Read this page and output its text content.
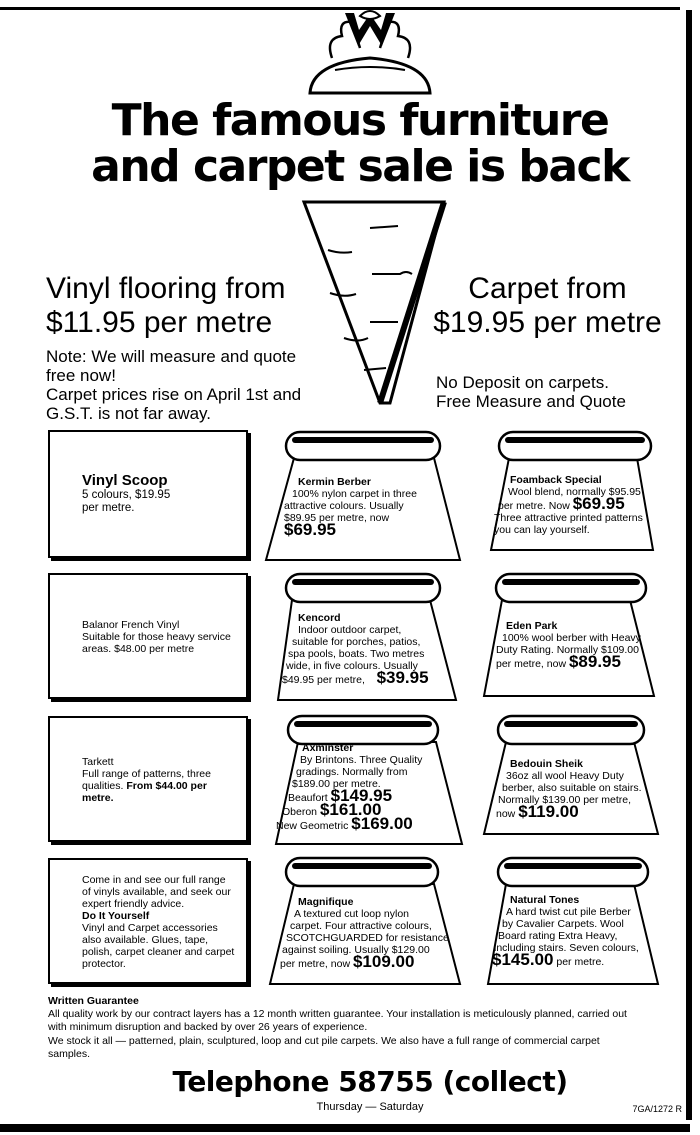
The famous furniture
and carpet sale is back
Vinyl flooring from
$11.95 per metre
Note: We will measure and quote
free now!
Carpet prices rise on April 1st and
G.S.T. is not far away.
Carpet from
$19.95 per metre
No Deposit on carpets.
Free Measure and Quote
Vinyl Scoop
5 colours, $19.95
per metre.
Balanor French Vinyl
Suitable for those heavy service
areas. $48.00 per metre
Tarkett
Full range of patterns, three
qualities. From $44.00 per
metre.
Come in and see our full range
of vinyls available, and seek our
expert friendly advice.
Do It Yourself
Vinyl and Carpet accessories
also available. Glues, tape,
polish, carpet cleaner and carpet
protector.
Kermin Berber
100% nylon carpet in three
attractive colours. Usually
$89.95 per metre, now
$69.95
Foamback Special
Wool blend, normally $95.95
per metre. Now $69.95
Three attractive printed patterns
you can lay yourself.
Kencord
Indoor outdoor carpet,
suitable for porches, patios,
spa pools, boats. Two metres
wide, in five colours. Usually
$49.95 per metre, $39.95
Eden Park
100% wool berber with Heavy
Duty Rating. Normally $109.00
per metre, now $89.95
Axminster
By Brintons. Three Quality
gradings. Normally from
$189.00 per metre.
Beaufort $149.95
Oberon $161.00
New Geometric $169.00
Bedouin Sheik
36oz all wool Heavy Duty
berber, also suitable on stairs.
Normally $139.00 per metre,
now $119.00
Magnifique
A textured cut loop nylon
carpet. Four attractive colours,
SCOTCHGUARDED for resistance
against soiling. Usually $129.00
per metre, now $109.00
Natural Tones
A hard twist cut pile Berber
by Cavalier Carpets. Wool
Board rating Extra Heavy,
including stairs. Seven colours,
$145.00 per metre.
Written Guarantee
All quality work by our contract layers has a 12 month written guarantee. Your installation is meticulously planned, carried out
with minimum disruption and backed by over 26 years of experience.
We stock it all — patterned, plain, sculptured, loop and cut pile carpets. We also have a full range of commercial carpet
samples.
Telephone 58755 (collect)
Thursday — Saturday	7GA/1272 R
